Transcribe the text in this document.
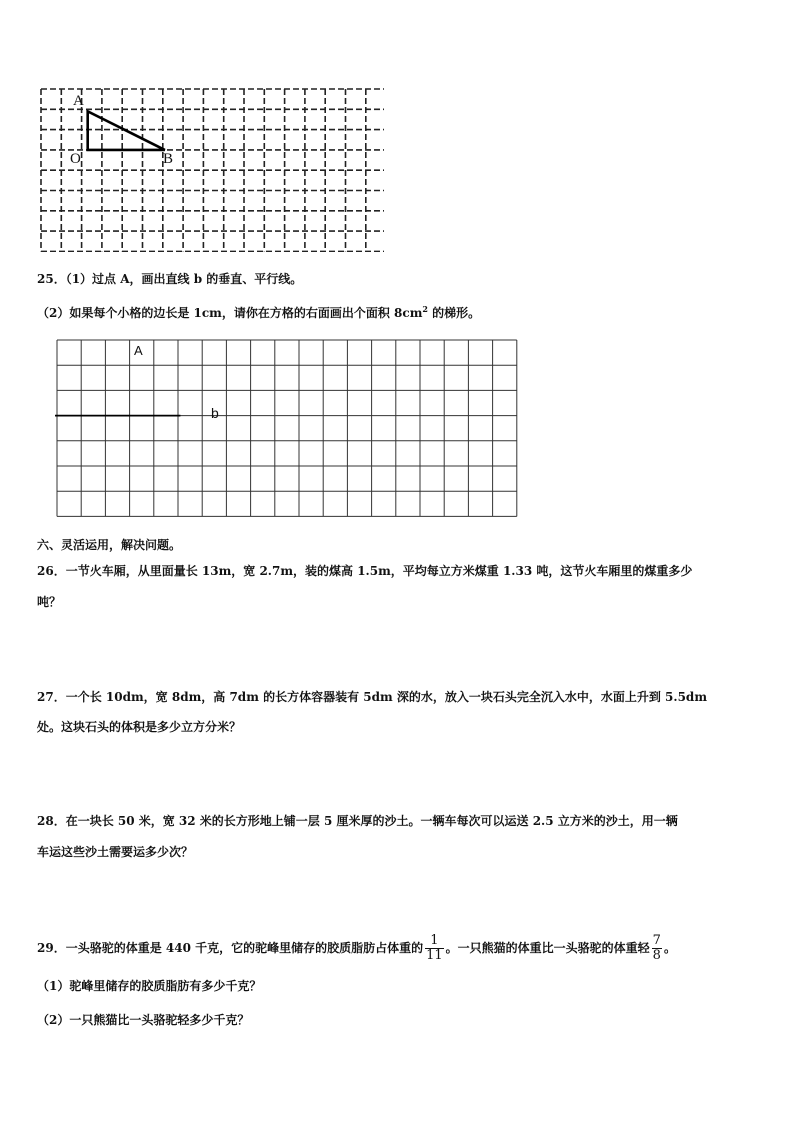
A
O	B
25．（1）过点 A，画出直线 b 的垂直、平行线。
（2）如果每个小格的边长是 1cm，请你在方格的右面画出个面积 $8cm^2$ 的梯形。
A
b
六、灵活运用，解决问题。
26．一节火车厢，从里面量长 13m，宽 2.7m，装的煤高 1.5m，平均每立方米煤重 1.33 吨，这节火车厢里的煤重多少
吨？
27．一个长 10dm，宽 8dm，高 7dm 的长方体容器装有 5dm 深的水，放入一块石头完全沉入水中，水面上升到 5.5dm
处。这块石头的体积是多少立方分米？
28．在一块长 50 米，宽 32 米的长方形地上铺一层 5 厘米厚的沙土。一辆车每次可以运送 2.5 立方米的沙土，用一辆
车运这些沙土需要运多少次？
29．一头骆驼的体重是 440 千克，它的驼峰里储存的胶质脂肪占体重的 $\frac{1}{11}$ 。一只熊猫的体重比一头骆驼的体重轻 $\frac{7}{8}$ 。
（1）驼峰里储存的胶质脂肪有多少千克？
（2）一只熊猫比一头骆驼轻多少千克？
